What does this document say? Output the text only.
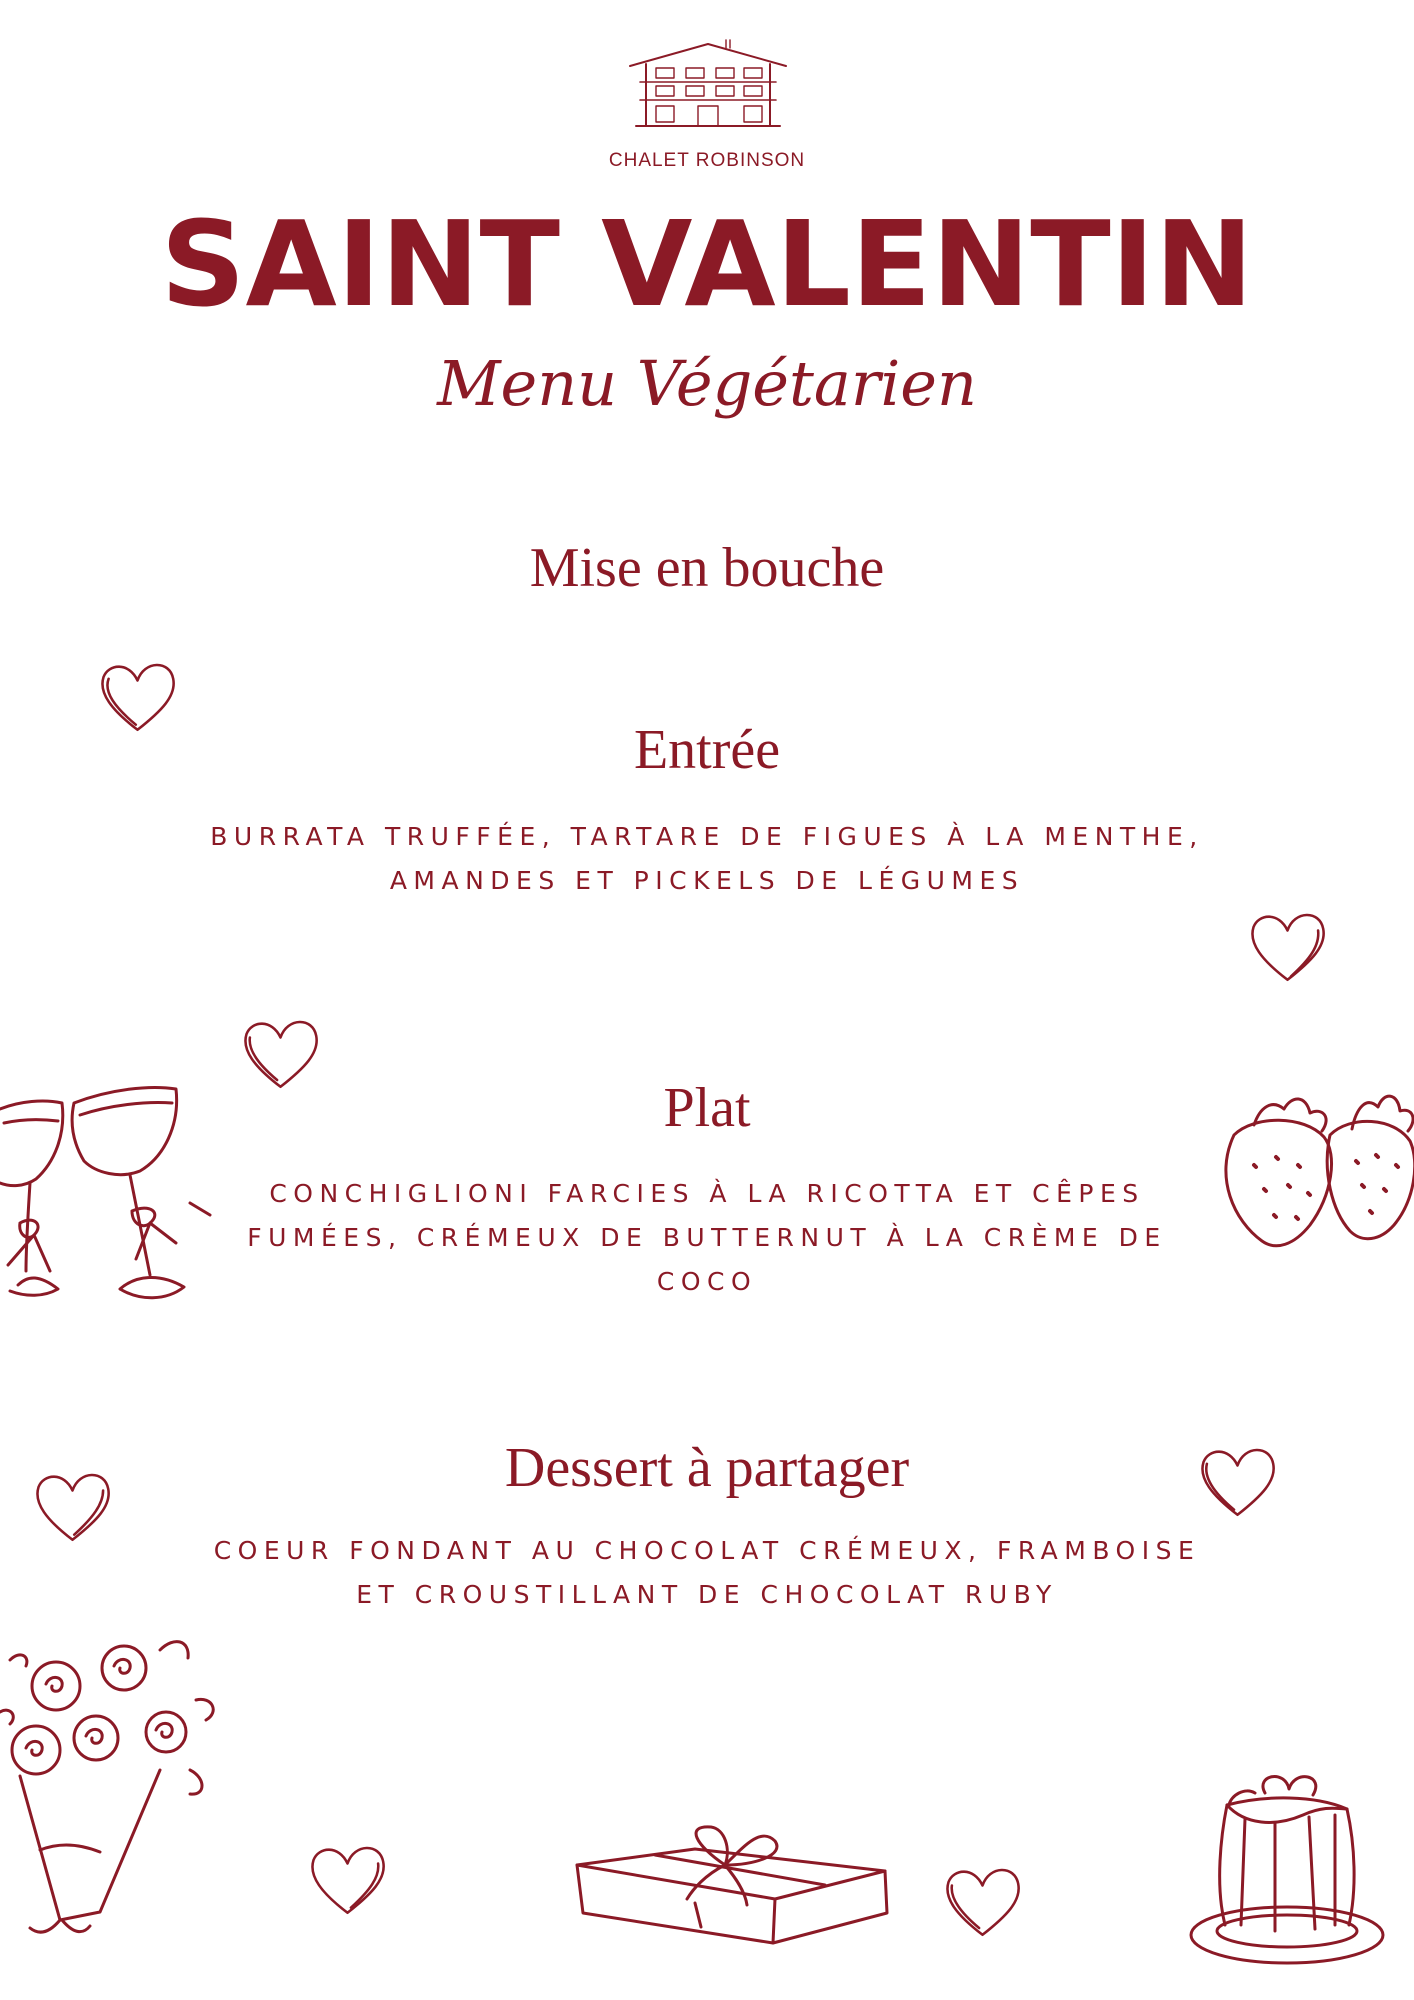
CHALET ROBINSON
SAINT VALENTIN
Menu Végétarien
Mise en bouche
Entrée
BURRATA TRUFFÉE, TARTARE DE FIGUES À LA MENTHE, AMANDES ET PICKELS DE LÉGUMES
Plat
CONCHIGLIONI FARCIES À LA RICOTTA ET CÊPES FUMÉES, CRÉMEUX DE BUTTERNUT À LA CRÈME DE COCO
Dessert à partager
COEUR FONDANT AU CHOCOLAT CRÉMEUX, FRAMBOISE ET CROUSTILLANT DE CHOCOLAT RUBY
